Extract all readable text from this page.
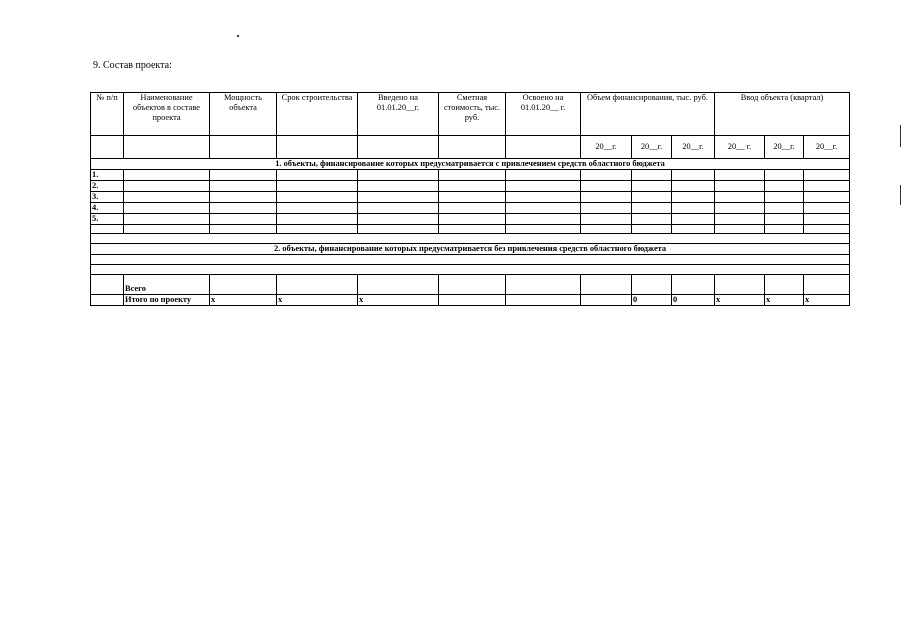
9. Состав проекта:
№ п/п	Наименование объектов в составе проекта	Мощность объекта	Срок строительства	Введено на 01.01.20__г.	Сметная стоимость, тыс. руб.	Освоено на 01.01.20__ г.	Объем финансирования, тыс. руб.			Ввод объекта (квартал)		
							20__г.	20__г.	20__г.	20__ г.	20__г.	20__г.
1. объекты, финансирование которых предусматривается с привлечением средств областного бюджета												
1.												
2.												
3.												
4.												
5.												

2. объекты, финансирование которых предусматривается без привлечения средств областного бюджета												

	Всего											
	Итого по проекту	x	x	x				0	0	x	x	x
